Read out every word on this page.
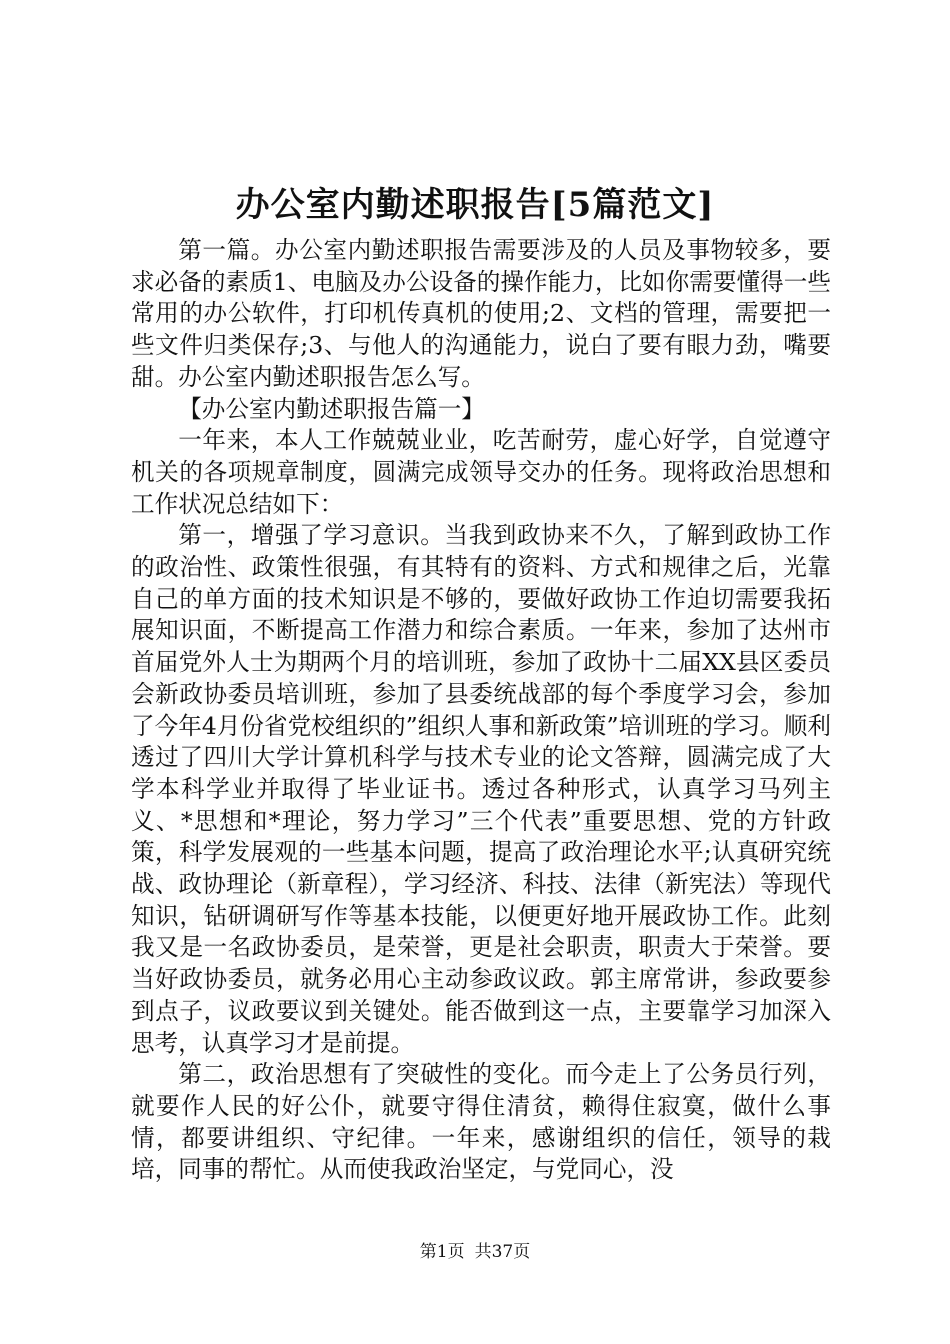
办公室内勤述职报告[5篇范文]

第一篇。办公室内勤述职报告需要涉及的人员及事物较多，要求必备的素质1、电脑及办公设备的操作能力，比如你需要懂得一些常用的办公软件，打印机传真机的使用;2、文档的管理，需要把一些文件归类保存;3、与他人的沟通能力，说白了要有眼力劲，嘴要甜。办公室内勤述职报告怎么写。

【办公室内勤述职报告篇一】

一年来，本人工作兢兢业业，吃苦耐劳，虚心好学，自觉遵守机关的各项规章制度，圆满完成领导交办的任务。现将政治思想和工作状况总结如下：

第一，增强了学习意识。当我到政协来不久，了解到政协工作的政治性、政策性很强，有其特有的资料、方式和规律之后，光靠自己的单方面的技术知识是不够的，要做好政协工作迫切需要我拓展知识面，不断提高工作潜力和综合素质。一年来，参加了达州市首届党外人士为期两个月的培训班，参加了政协十二届XX县区委员会新政协委员培训班，参加了县委统战部的每个季度学习会，参加了今年4月份省党校组织的”组织人事和新政策”培训班的学习。顺利透过了四川大学计算机科学与技术专业的论文答辩，圆满完成了大学本科学业并取得了毕业证书。透过各种形式，认真学习马列主义、*思想和*理论，努力学习”三个代表”重要思想、党的方针政策，科学发展观的一些基本问题，提高了政治理论水平;认真研究统战、政协理论（新章程），学习经济、科技、法律（新宪法）等现代知识，钻研调研写作等基本技能，以便更好地开展政协工作。此刻我又是一名政协委员，是荣誉，更是社会职责，职责大于荣誉。要当好政协委员，就务必用心主动参政议政。郭主席常讲，参政要参到点子，议政要议到关键处。能否做到这一点，主要靠学习加深入思考，认真学习才是前提。

第二，政治思想有了突破性的变化。而今走上了公务员行列，就要作人民的好公仆，就要守得住清贫，赖得住寂寞，做什么事情，都要讲组织、守纪律。一年来，感谢组织的信任，领导的栽培，同事的帮忙。从而使我政治坚定，与党同心，没

第1页 共37页
